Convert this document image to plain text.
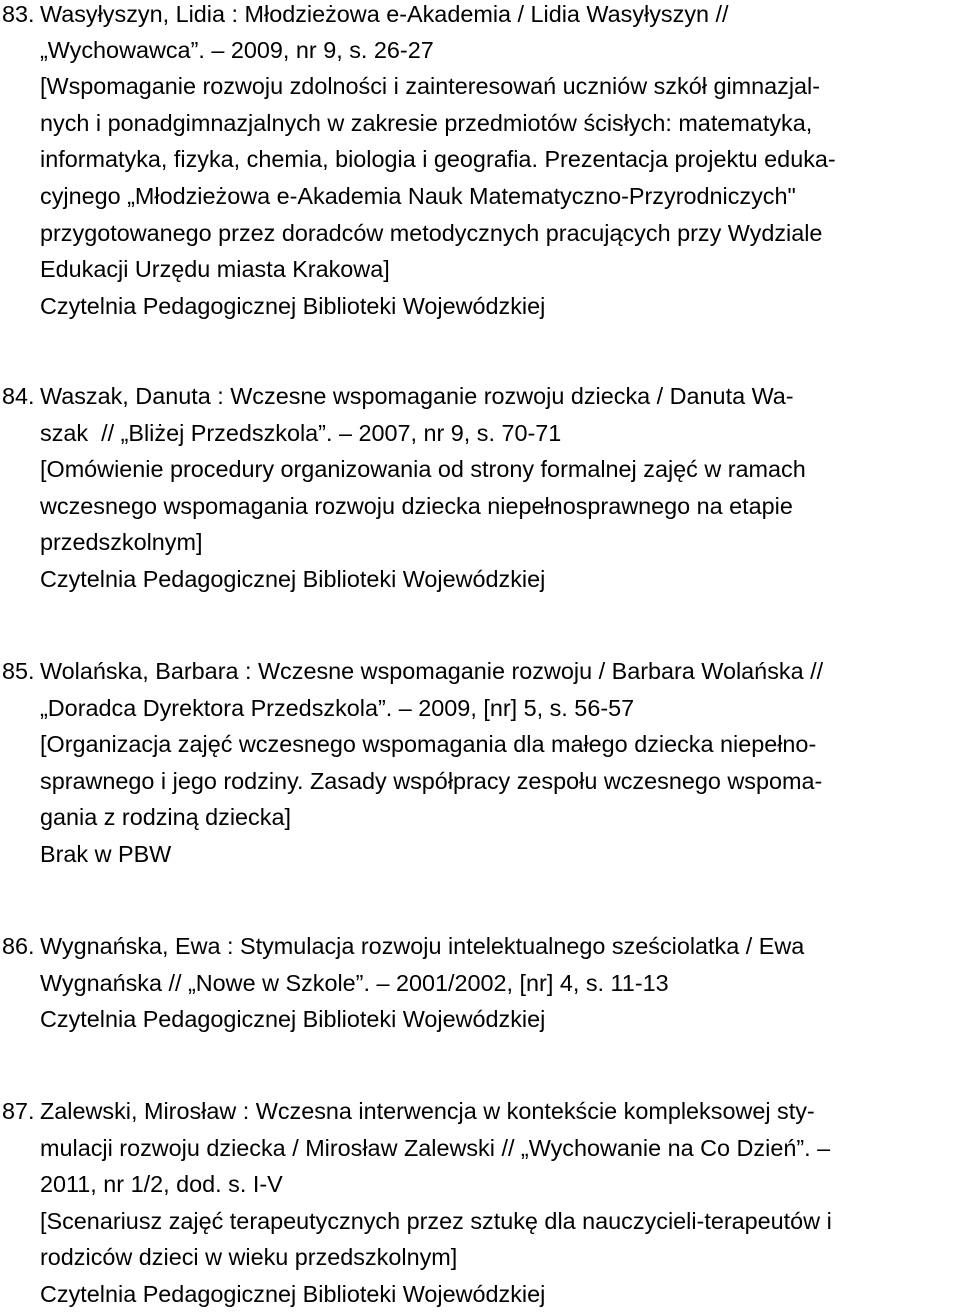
83. Wasyłyszyn, Lidia : Młodzieżowa e-Akademia / Lidia Wasyłyszyn //
„Wychowawca”. – 2009, nr 9, s. 26-27
[Wspomaganie rozwoju zdolności i zainteresowań uczniów szkół gimnazjal-
nych i ponadgimnazjalnych w zakresie przedmiotów ścisłych: matematyka,
informatyka, fizyka, chemia, biologia i geografia. Prezentacja projektu eduka-
cyjnego „Młodzieżowa e-Akademia Nauk Matematyczno-Przyrodniczych"
przygotowanego przez doradców metodycznych pracujących przy Wydziale
Edukacji Urzędu miasta Krakowa]
Czytelnia Pedagogicznej Biblioteki Wojewódzkiej
84. Waszak, Danuta : Wczesne wspomaganie rozwoju dziecka / Danuta Wa-
szak  // „Bliżej Przedszkola”. – 2007, nr 9, s. 70-71
[Omówienie procedury organizowania od strony formalnej zajęć w ramach
wczesnego wspomagania rozwoju dziecka niepełnosprawnego na etapie
przedszkolnym]
Czytelnia Pedagogicznej Biblioteki Wojewódzkiej
85. Wolańska, Barbara : Wczesne wspomaganie rozwoju / Barbara Wolańska //
„Doradca Dyrektora Przedszkola”. – 2009, [nr] 5, s. 56-57
[Organizacja zajęć wczesnego wspomagania dla małego dziecka niepełno-
sprawnego i jego rodziny. Zasady współpracy zespołu wczesnego wspoma-
gania z rodziną dziecka]
Brak w PBW
86. Wygnańska, Ewa : Stymulacja rozwoju intelektualnego sześciolatka / Ewa
Wygnańska // „Nowe w Szkole”. – 2001/2002, [nr] 4, s. 11-13
Czytelnia Pedagogicznej Biblioteki Wojewódzkiej
87. Zalewski, Mirosław : Wczesna interwencja w kontekście kompleksowej sty-
mulacji rozwoju dziecka / Mirosław Zalewski // „Wychowanie na Co Dzień”. –
2011, nr 1/2, dod. s. I-V
[Scenariusz zajęć terapeutycznych przez sztukę dla nauczycieli-terapeutów i
rodziców dzieci w wieku przedszkolnym]
Czytelnia Pedagogicznej Biblioteki Wojewódzkiej
